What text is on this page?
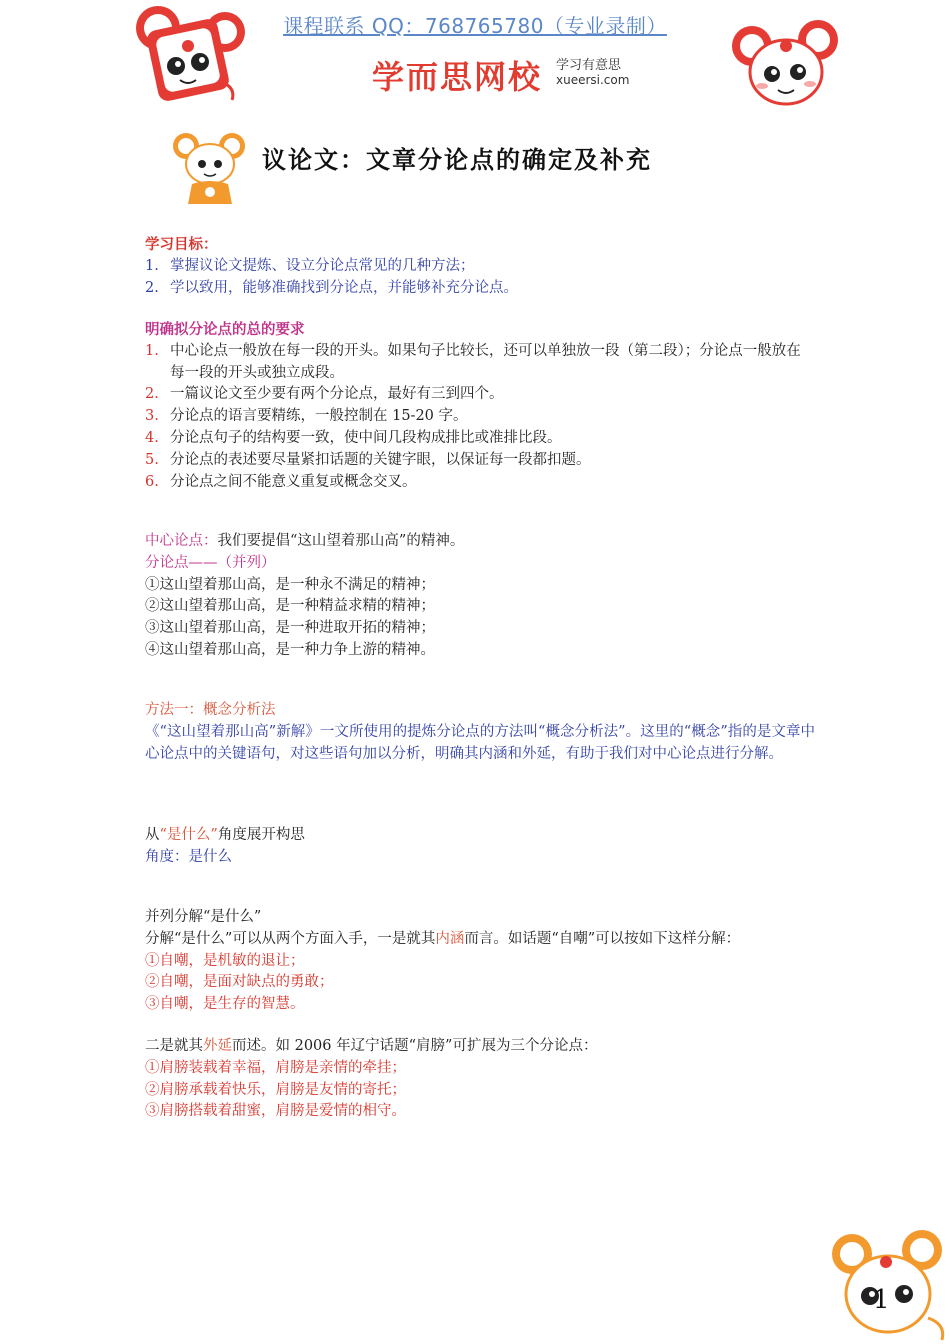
课程联系 QQ：768765780（专业录制）
学而思网校 学习有意思
xueersi.com
议论文：文章分论点的确定及补充
学习目标：
1. 掌握议论文提炼、设立分论点常见的几种方法；
2. 学以致用，能够准确找到分论点，并能够补充分论点。
明确拟分论点的总的要求
1. 中心论点一般放在每一段的开头。如果句子比较长，还可以单独放一段（第二段）；分论点一般放在每一段的开头或独立成段。
2. 一篇议论文至少要有两个分论点，最好有三到四个。
3. 分论点的语言要精练，一般控制在 15-20 字。
4. 分论点句子的结构要一致，使中间几段构成排比或准排比段。
5. 分论点的表述要尽量紧扣话题的关键字眼，以保证每一段都扣题。
6. 分论点之间不能意义重复或概念交叉。
中心论点：我们要提倡“这山望着那山高”的精神。
分论点——（并列）
①这山望着那山高，是一种永不满足的精神；
②这山望着那山高，是一种精益求精的精神；
③这山望着那山高，是一种进取开拓的精神；
④这山望着那山高，是一种力争上游的精神。
方法一：概念分析法
《“这山望着那山高”新解》一文所使用的提炼分论点的方法叫“概念分析法”。这里的“概念”指的是文章中心论点中的关键语句，对这些语句加以分析，明确其内涵和外延，有助于我们对中心论点进行分解。
从“是什么”角度展开构思
角度：是什么
并列分解“是什么”
分解“是什么”可以从两个方面入手，一是就其内涵而言。如话题“自嘲”可以按如下这样分解：
①自嘲，是机敏的退让；
②自嘲，是面对缺点的勇敢；
③自嘲，是生存的智慧。
二是就其外延而述。如 2006 年辽宁话题“肩膀”可扩展为三个分论点：
①肩膀装载着幸福，肩膀是亲情的牵挂；
②肩膀承载着快乐，肩膀是友情的寄托；
③肩膀搭载着甜蜜，肩膀是爱情的相守。
1
